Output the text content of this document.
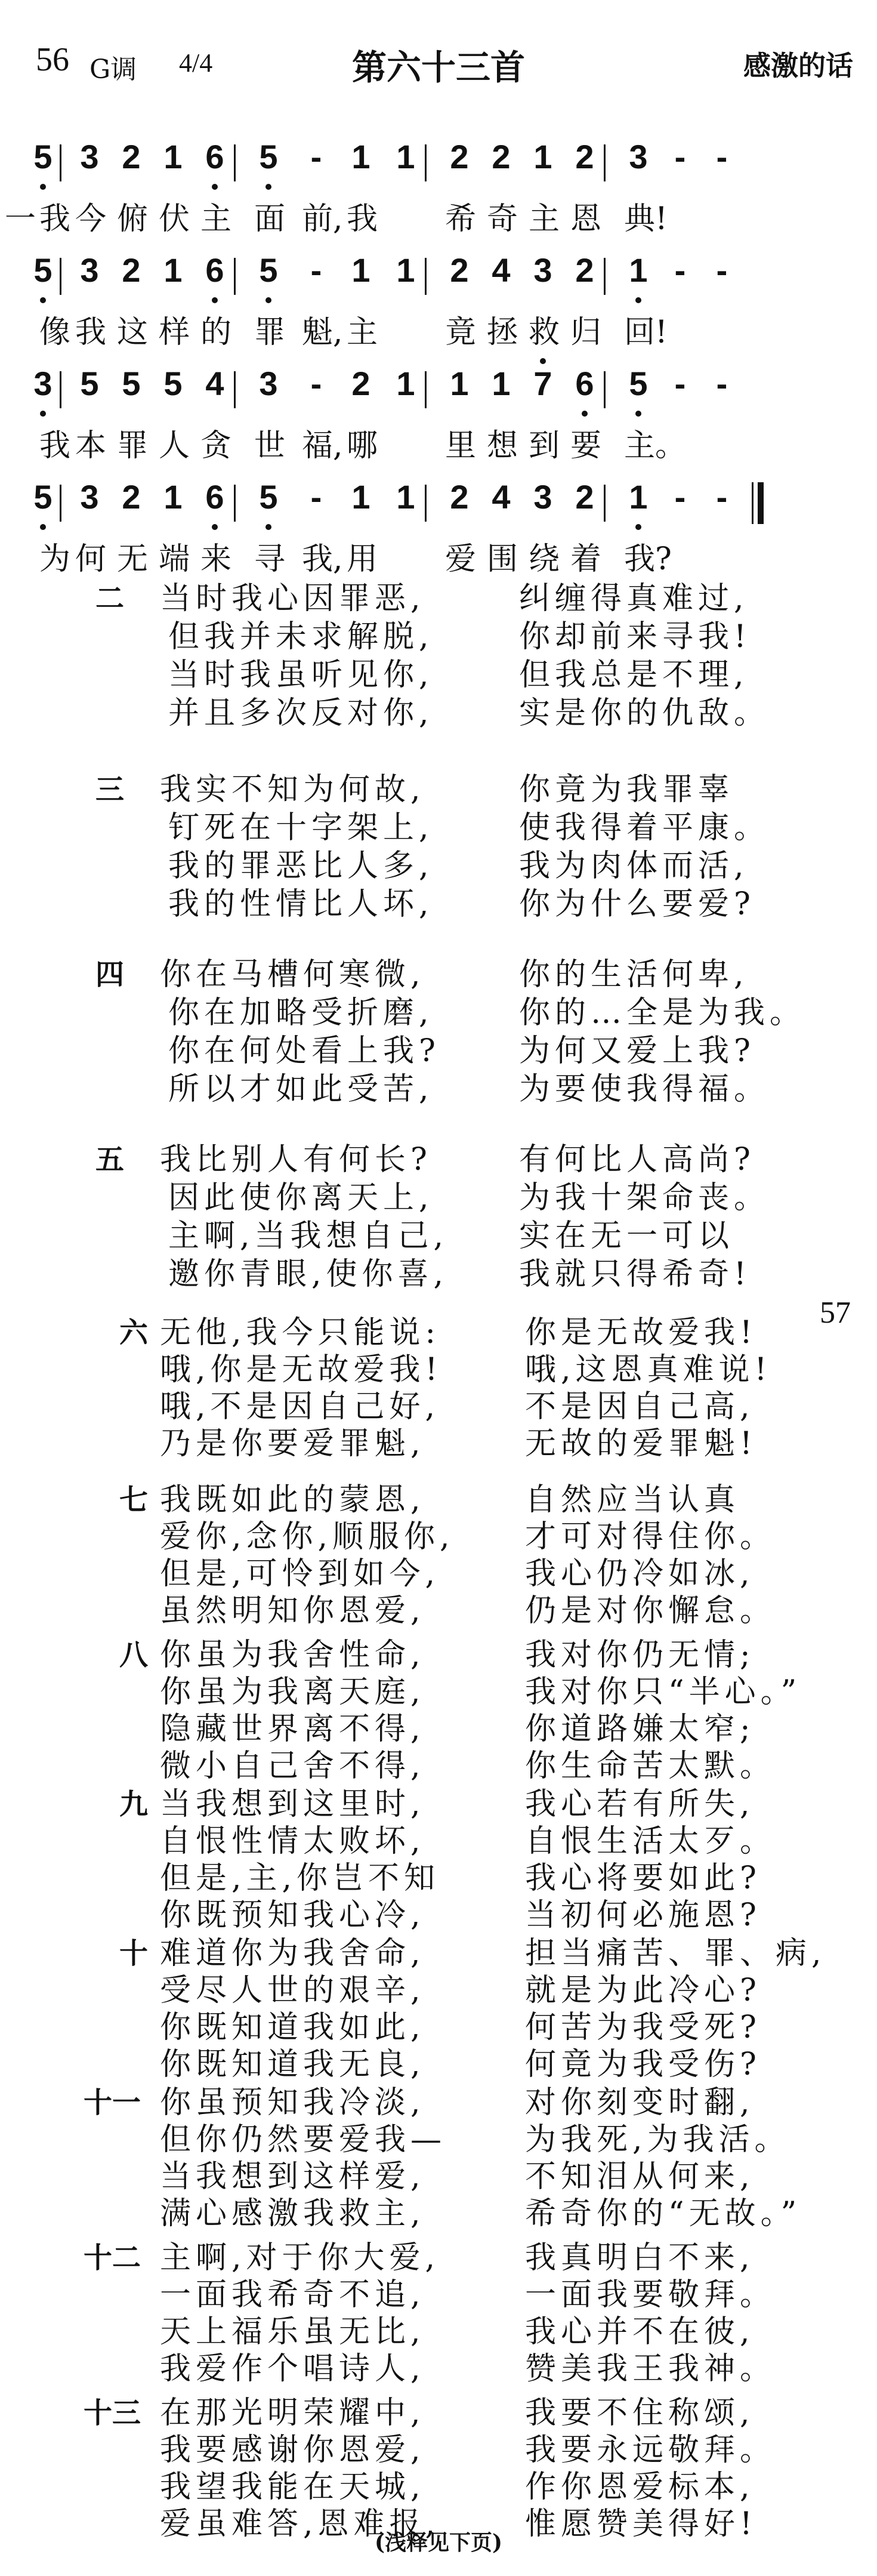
56 G调 4/4	第六十三首	感激的话
5 3 2 1 6 5 - 1 1 2 2 1 2 3 - -
一 我 今 俯 伏 主 面 前, 我 希 奇 主 恩 典!
5 3 2 1 6 5 - 1 1 2 4 3 2 1 - -
像 我 这 样 的 罪 魁, 主 竟 拯 救 归 回!
3 5 5 5 4 3 - 2 1 1 1 7 6 5 - -
我 本 罪 人 贪 世 福, 哪 里 想 到 要 主。
5 3 2 1 6 5 - 1 1 2 4 3 2 1 - -
为 何 无 端 来 寻 我, 用 爱 围 绕 着 我?
二 当时我心因罪恶,	纠缠得真难过,
但我并未求解脱,	你却前来寻我!
当时我虽听见你,	但我总是不理,
并且多次反对你,	实是你的仇敌。
三 我实不知为何故,	你竟为我罪辜
钉死在十字架上,	使我得着平康。
我的罪恶比人多,	我为肉体而活,
我的性情比人坏,	你为什么要爱?
四 你在马槽何寒微,	你的生活何卑,
你在加略受折磨,	你的…全是为我。
你在何处看上我?	为何又爱上我?
所以才如此受苦,	为要使我得福。
五 我比别人有何长?	有何比人高尚?
因此使你离天上,	为我十架命丧。
主啊,当我想自己, 实在无一可以
邀你青眼,使你喜, 我就只得希奇!
六 无他,我今只能说:	你是无故爱我!
哦,你是无故爱我!	哦,这恩真难说!
哦,不是因自己好,	不是因自己高,
乃是你要爱罪魁,	无故的爱罪魁!
七 我既如此的蒙恩,	自然应当认真
爱你,念你,顺服你, 才可对得住你。
但是,可怜到如今,	我心仍冷如冰,
虽然明知你恩爱,	仍是对你懈怠。
八 你虽为我舍性命,	我对你仍无情;
你虽为我离天庭,	我对你只“半心。”
隐藏世界离不得,	你道路嫌太窄;
微小自己舍不得,	你生命苦太默。
九 当我想到这里时,	我心若有所失,
自恨性情太败坏,	自恨生活太歹。
但是,主,你岂不知	我心将要如此?
你既预知我心冷,	当初何必施恩?
十 难道你为我舍命,	担当痛苦、罪、病,
受尽人世的艰辛,	就是为此冷心?
你既知道我如此,	何苦为我受死?
你既知道我无良,	何竟为我受伤?
十一 你虽预知我冷淡,	对你刻变时翻,
但你仍然要爱我—	为我死,为我活。
当我想到这样爱,	不知泪从何来,
满心感激我救主,	希奇你的“无故。”
十二 主啊,对于你大爱,	我真明白不来,
一面我希奇不追,	一面我要敬拜。
天上福乐虽无比,	我心并不在彼,
我爱作个唱诗人,	赞美我王我神。
十三 在那光明荣耀中,	我要不住称颂,
我要感谢你恩爱,	我要永远敬拜。
我望我能在天城,	作你恩爱标本,
爱虽难答,恩难报,	惟愿赞美得好!
57
(浅释见下页)
